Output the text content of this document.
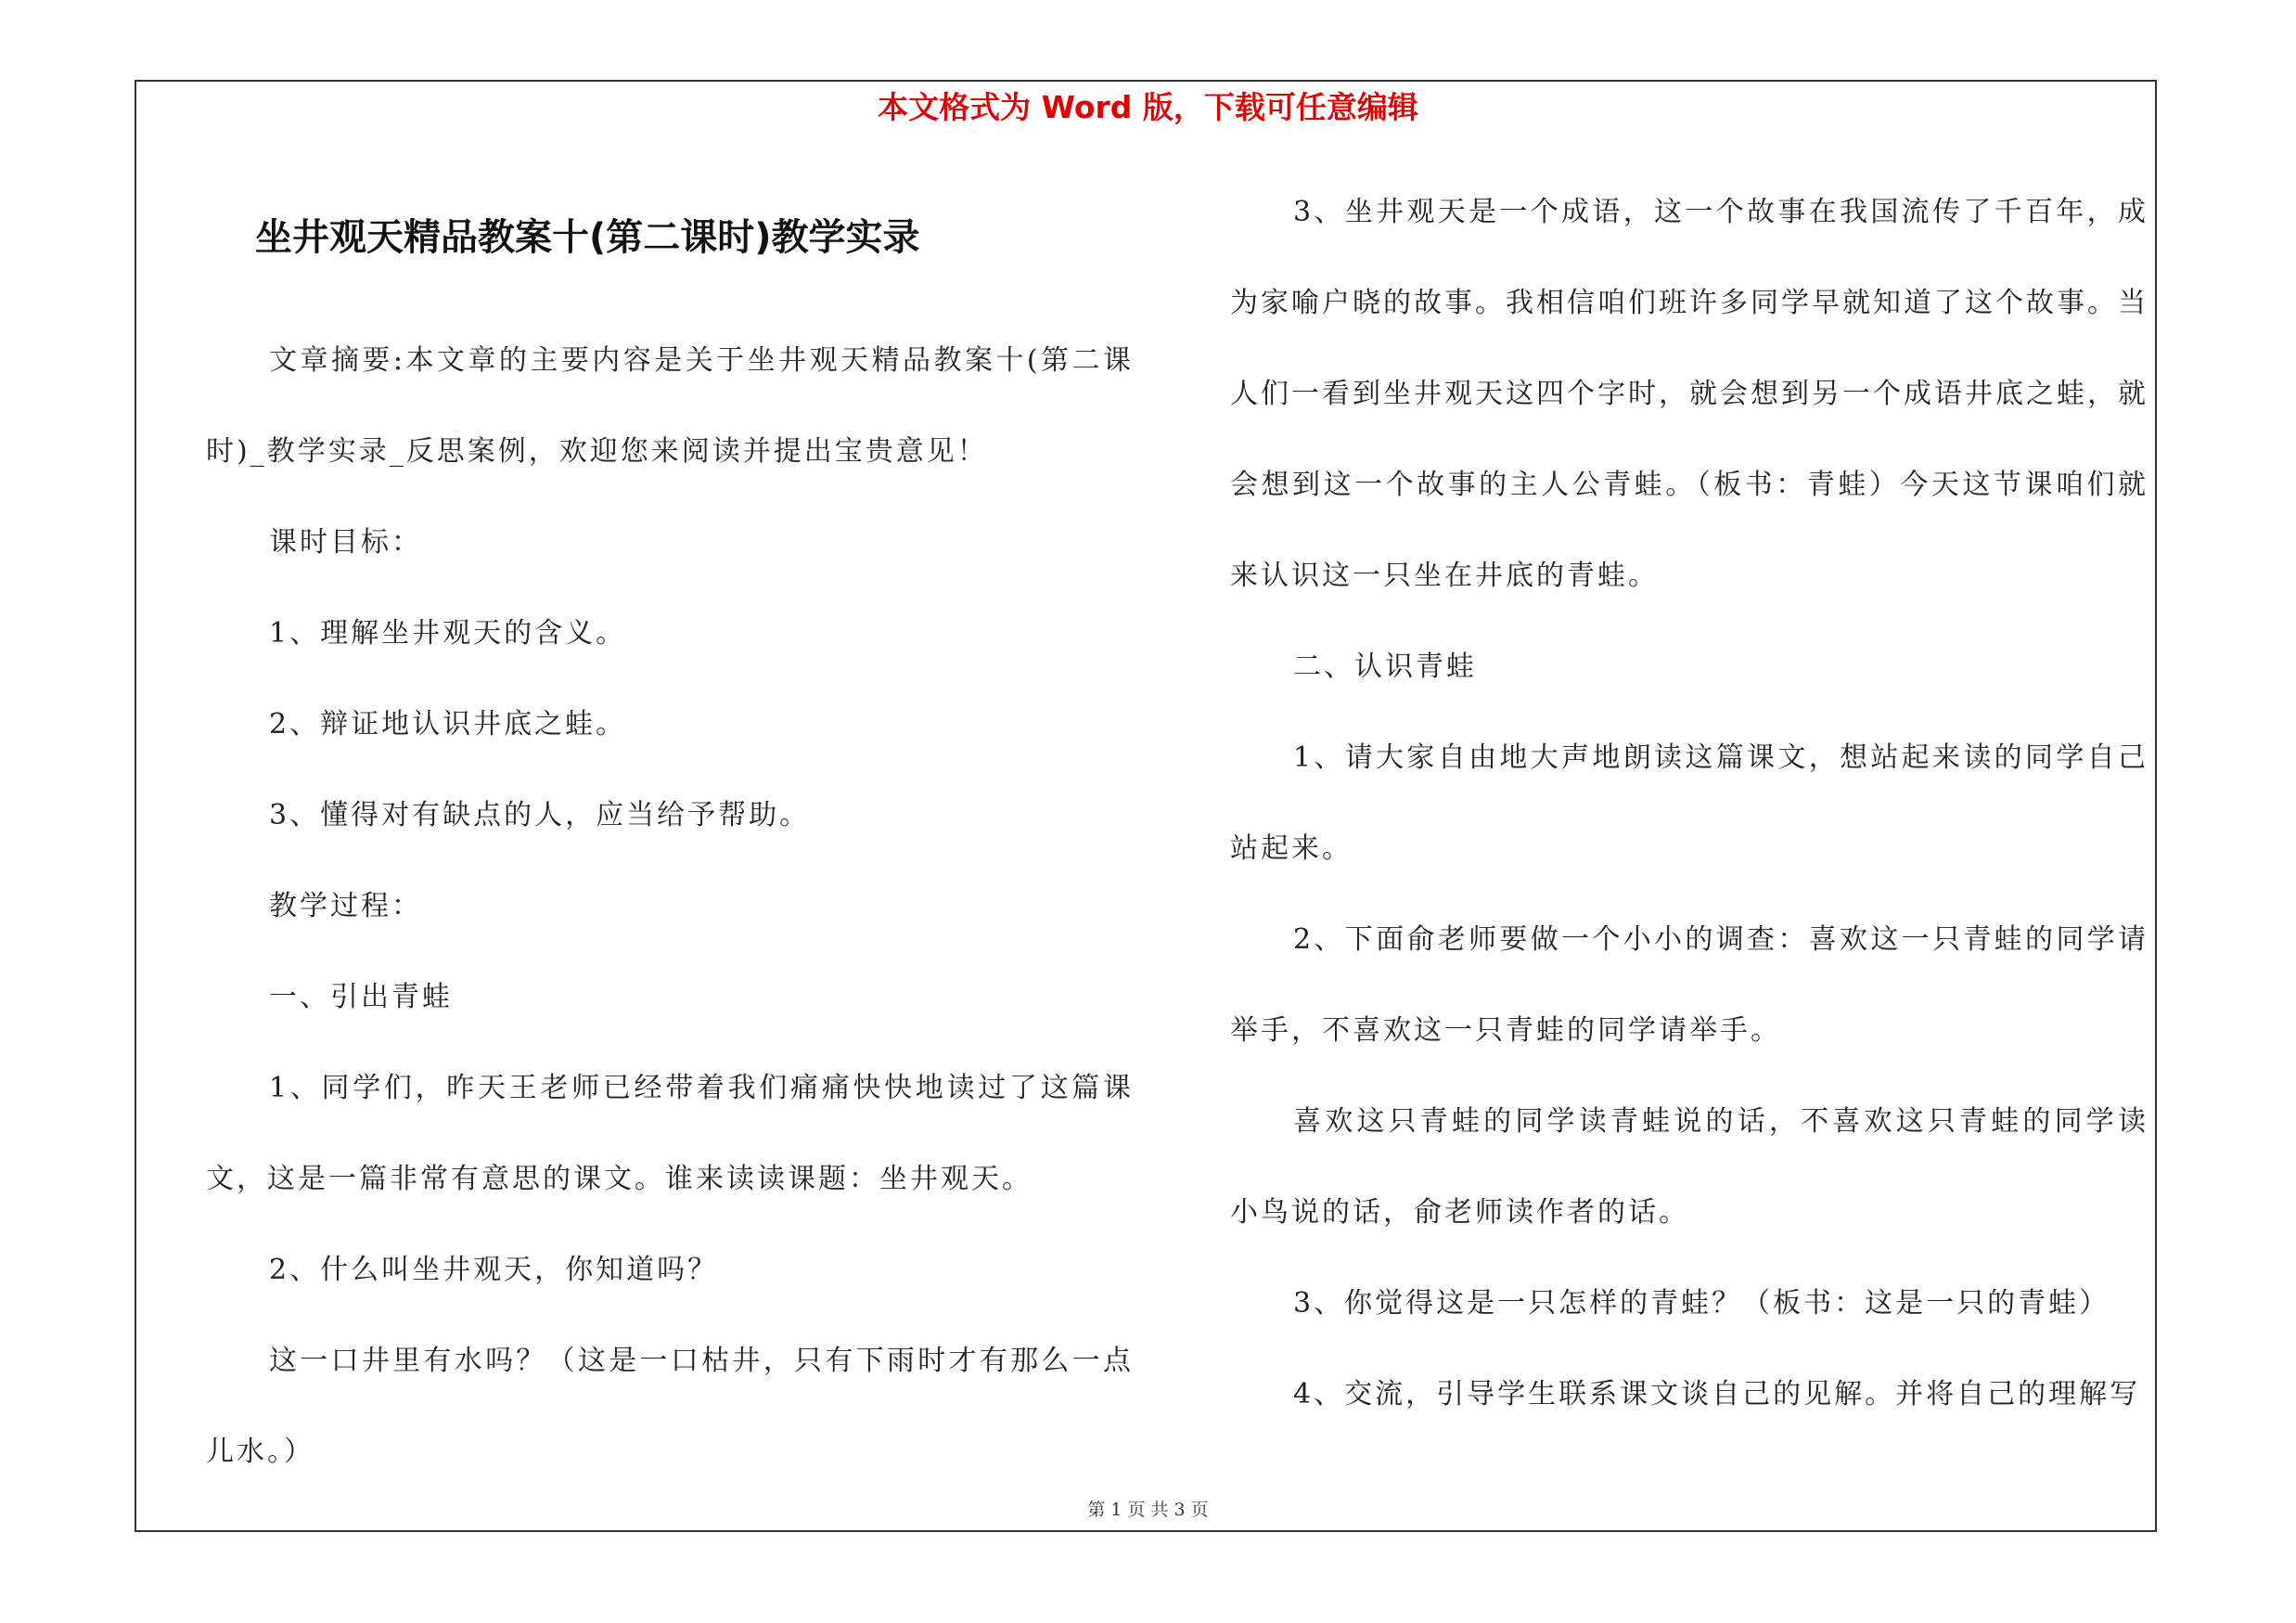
本文格式为 Word 版，下载可任意编辑
坐井观天精品教案十(第二课时)教学实录
文章摘要:本文章的主要内容是关于坐井观天精品教案十(第二课时)_教学实录_反思案例，欢迎您来阅读并提出宝贵意见！
课时目标：
1、理解坐井观天的含义。
2、辩证地认识井底之蛙。
3、懂得对有缺点的人，应当给予帮助。
教学过程：
一、引出青蛙
1、同学们，昨天王老师已经带着我们痛痛快快地读过了这篇课文，这是一篇非常有意思的课文。谁来读读课题：坐井观天。
2、什么叫坐井观天，你知道吗？
这一口井里有水吗？（这是一口枯井，只有下雨时才有那么一点儿水。）
3、坐井观天是一个成语，这一个故事在我国流传了千百年，成为家喻户晓的故事。我相信咱们班许多同学早就知道了这个故事。当人们一看到坐井观天这四个字时，就会想到另一个成语井底之蛙，就会想到这一个故事的主人公青蛙。（板书：青蛙）今天这节课咱们就来认识这一只坐在井底的青蛙。
二、认识青蛙
1、请大家自由地大声地朗读这篇课文，想站起来读的同学自己站起来。
2、下面俞老师要做一个小小的调查：喜欢这一只青蛙的同学请举手，不喜欢这一只青蛙的同学请举手。
喜欢这只青蛙的同学读青蛙说的话，不喜欢这只青蛙的同学读小鸟说的话，俞老师读作者的话。
3、你觉得这是一只怎样的青蛙？（板书：这是一只的青蛙）
4、交流，引导学生联系课文谈自己的见解。并将自己的理解写
第 1 页 共 3 页
